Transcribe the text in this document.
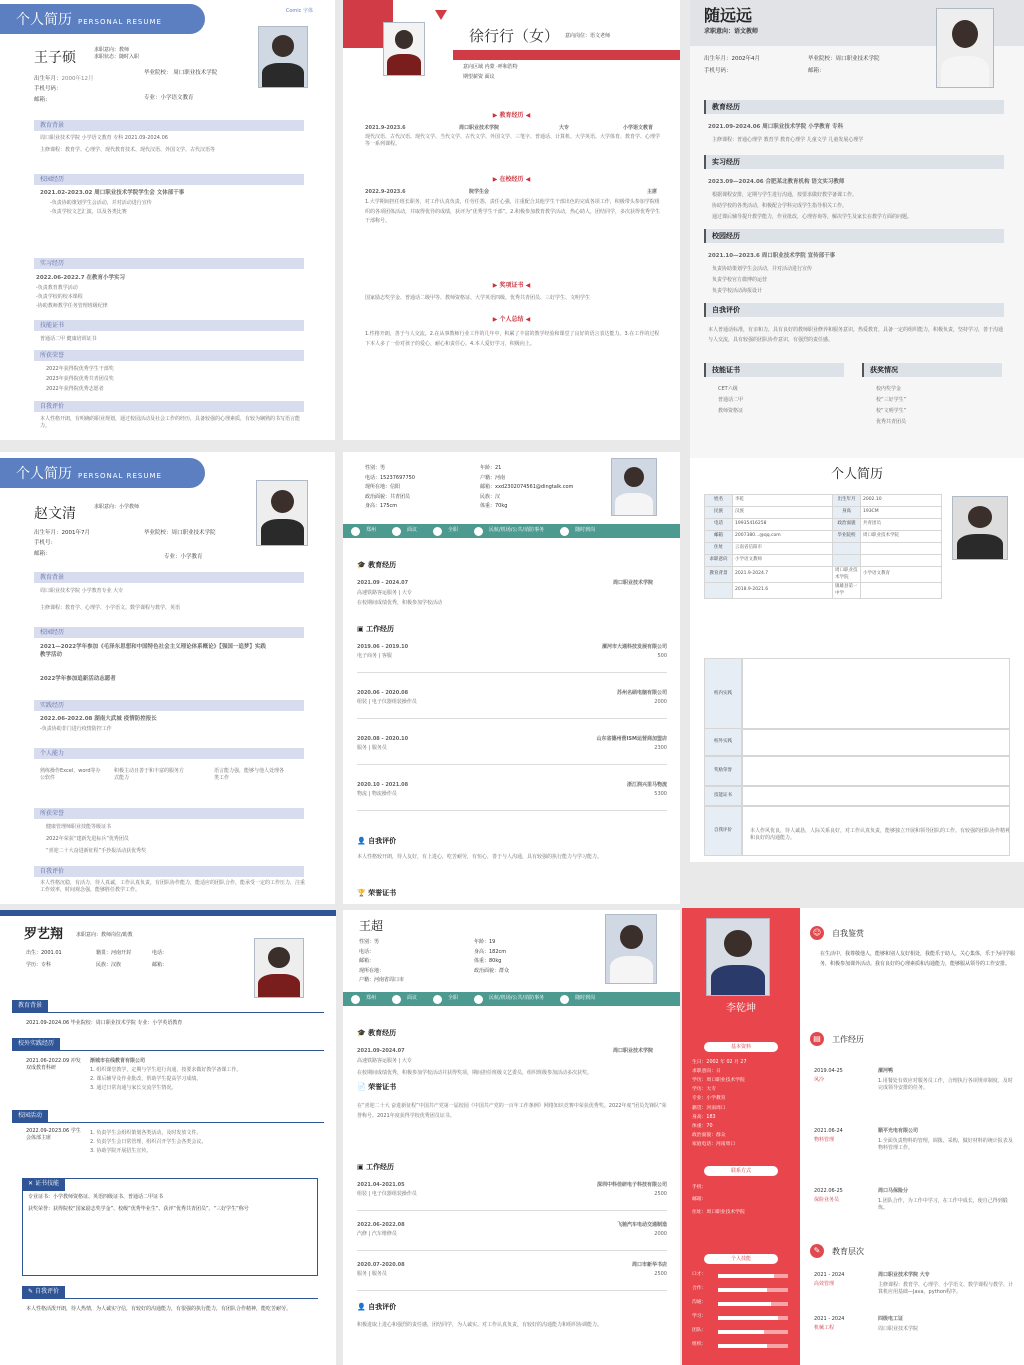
个人简历 PERSONAL RESUME
Comic 字体
王子硕	求职意向：教师
求职状态：随时入职
出生年月：2000年12月
手机号码：
邮箱：
毕业院校： 周口职业技术学院
专业：小学语文教育
教育背景
周口职业技术学院 小学语文教育 专科 2021.09-2024.06
主修课程：教育学、心理学、现代教育技术、现代汉语、外国文学、古代汉语等
校园经历
2021.02-2023.02 周口职业技术学院学生会 文体部干事
-负责协助策划学生会活动，并对活动进行宣传
-负责学校文艺汇演，以及各类比赛
实习经历
2022.06-2022.7 在教育小学实习
-负责教育教学活动
-负责学校的校本课程
-协助教师教学任务管理班级纪律
技能证书
普通话二甲 健康培训证书
所获荣誉
2022年获得院优秀学生干部奖
2023年获得院优秀共青团员奖
2022年获得院优秀志愿者
自我评价
本人性格开朗，有明确的职业规划，通过校园活动及社会工作的经历，具备较强的心理素质，有较为娴熟的书写语言能力。
徐行行（女） 意向岗位：语文老师
意向区域 内蒙 ·呼和浩特
期望薪资 面议
▶ 教育经历 ◀
2021.9-2023.6	周口职业技术学院	大专	小学语文教育
现代汉语、古代汉语、现代文学、当代文学、古代文学、外国文学、三笔字、普通话、计算机、大学英语、大学体育、教育学、心理学等一系列课程。
▶ 在校经历 ◀
2022.9-2023.6	院学生会	主席
1.大学期间担任班长职务，对工作认真负责，任劳任怨，责任心强，注重配合其他学生干部出色的完成各项工作，积极带头参加学院组织的各项团体活动，并取得优异的成绩，获评为“优秀学生干部”。2.积极参加教育教学活动，热心助人，团结同学，多次获得优秀学生干部称号。
▶ 奖项证书 ◀
国家励志奖学金、普通话二级甲等、教师资格证、大学英语四级、优秀共青团员、三好学生、文明学生
▶ 个人总结 ◀
1.性格开朗，善于与人交流。2.在从事教师行业工作的几年中，积累了丰富的教学经验和课堂了良好的语言表达能力。3.在工作的过程下本人多了一份对孩子的爱心，耐心和责任心。4.本人爱好学习，积极向上。
随远远
求职意向：语文教师
出生年月：2002年4月
手机号码：
毕业院校：周口职业技术学院
邮箱：
教育经历
2021.09-2024.06 周口职业技术学院 小学教育 专科
主修课程：普通心理学 教育学 教育心理学 儿童文学 儿童发展心理学
实习经历
2023.09—2024.06 合肥某北教育机构 语文实习教师
根据课程安排，定期与学生进行沟通，按要求做好教学备课工作。
协助学校的各类活动，积极配合学科完成学生指导相关工作。
通过课后辅导提升教学能力，作业批改，心理咨询等，解决学生及家长在教学方面的问题。
校园经历
2021.10—2023.6 周口职业技术学院 宣传部干事
负责协助策划学生会活动，并对活动进行宣传
负责学校官方微博的运营
负责学校活动海报设计
自我评价
本人普通话标准，有亲和力，具有良好的教师职业修养和服务意识，热爱教育，具备一定的组织能力，积极负责，坚持学习，善于沟通与人交流，具有较强的团队协作意识，有强烈的责任感。
技能证书	获奖情况
CET六级
普通话二甲
教师资格证
校内奖学金
校“三好学生”
校“文明学生”
优秀共青团员
个人简历 PERSONAL RESUME
赵文清	求职意向：小学教师
出生年月：2001年7月
手机号：
邮箱：
毕业院校：周口职业技术学院
专业：小学教育
教育背景
周口职业技术学院 小学教育专业 大专
主修课程：教育学、心理学、小学语文、数学课程与教学、英语
校园经历
2021—2022学年参加《毛泽东思想和中国特色社会主义理论体系概论》【强国一追梦】实践教学活动
2022学年参加追新活动志愿者
实践经历
2022.06-2022.08 湖南大武城 疫情防控报长
-负责协助非门进行疫情防控工作
个人能力
熟练操作Excel，word等办公软件
积极主动且善于和丰富的服务方式能力
语言能力强，能够与他人处理各类工作
所获荣誉
健康管理师职业技能等级证书
2022年荣获“建新先进标兵”优秀团员
“喜迎二十大奋进新征程”手抄报活动获优秀奖
自我评价
本人性格沉稳，有活力，待人真诚，工作认真负责，有团队协作能力，能适应的团队合作，能承受一定的工作压力，注重工作效率，时间观念强，能够胜任教学工作。
性别：男	年龄：21
电话：15237697750	户籍：河南
现所在地：信阳	邮箱：xxd2302074561@dingtalk.com
政治面貌：共青团员	民族：汉
身高：175cm	体重：70kg
郑州	面议	全职	民航/机场/公共/消防事务	随时到岗
🎓 教育经历
2021.09 - 2024.07	周口职业技术学院
高速铁路客运服务 | 大专
在校期间成绩优秀，积极参加学校活动
▣ 工作经历
👤 自我评价
本人性格较开朗，待人友好，有上进心，吃苦耐劳，有恒心，善于与人沟通，具有较强的执行能力与学习能力。
🏆 荣誉证书
2019.06 - 2019.10	漯河市大通科技发展有限公司
电子商务 | 客服	500
2020.06 - 2020.08	苏州名硕电脑有限公司
组装 | 电子仪器组装操作员	2000
2020.08 - 2020.10	山东省德州营ISM运营商加盟店
服务 | 服务员	2300
2020.10 - 2021.08	浙江润兴里马物流
物流 | 物流操作员	5300
个人简历
姓名	李乾	出生年月	2002.10
民族	汉族	身高	193CM
电话	19935416258	政治面貌	共青团员
邮箱	2007380...@qq.com	毕业院校	周口职业技术学院
住址	云南省信阳市		
求职意向	小学语文教师		
教育背景	2021.9-2024.7	周口职业技术学院	小学语文教育
	2018.9-2021.6	镇雄县第一中学	
本人作风优良，待人诚恳，人际关系良好，对工作认真负责，能够独立开展和领导团队的工作。有较强的团队协作精神和良好的沟通能力。
校内实践
校外实践
奖励荣誉
技能证书
自我评价
罗艺翔	求职意向：教师岗位/助教
出生：2001.01
学历：专科
籍贯：河南开封
民族：汉族
电话：
邮箱：
教育背景
2021.09-2024.06 毕业院校：周口职业技术学院 专业：小学英语教育
校外实践经历
2021.06-2022.09 冲发双成教育科研
渐城市在线教育有限公司
1. 组织课堂教学，定期与学生进行沟通，按要求做好教学备课工作。
2. 课后辅导及作业批改，帮助学生提高学习成绩。
3. 通过日常沟通与家长交流学生情况。
校园活动
2022.09-2023.06 学生会体部主席
1. 负责学生会组织策划各类活动，及时发放文件。
2. 负责学生会日常管理，组织召开学生会各类会议。
3. 协助学院开展招生宣传。
✕ 证书技能
专业证书：小学教师资格证、英语四级证书、普通话二甲证书
获奖荣誉：获得院校“国家励志奖学金”、校级“优秀毕业生”、获评“优秀共青团员”、“三好学生”称号
✎ 自我评价
本人性格活泼开朗，待人热情，为人诚实守信，有较好的沟通能力，有很强的执行能力，有团队合作精神，能吃苦耐劳。
王超
性别：男	年龄：19
电话：	身高：182cm
邮箱：	体重：80kg
现所在地：	政治面貌：群众
户籍：河南省周口市
郑州	面议	全职	民航/机场/公共/消防事务	随时到岗
🎓 教育经历
2021.09-2024.07	周口职业技术学院
高速铁路客运服务 | 大专
在校期间成绩优秀，积极参加学校活动并获得奖项，期间担任班级文艺委员，组织班级参加活动多次获奖。
📄 荣誉证书
在“喜迎二十大 奋进新征程”中国共产党第一届校园《中国共产党的一百年工作条例》网络知识竞赛中荣获优秀奖。2022年度“团员先锋队”荣誉称号。2021年度获得学校优秀团员证书。
▣ 工作经历
👤 自我评价
积极进取上进心和强烈的责任感，团结同学，为人诚实。对工作认真负责，有较好的沟通能力和组织协调能力。
2021.04-2021.05	深圳中科佳研电子科技有限公司
组装 | 电子仪器组装操作员	2500
2022.06-2022.08	飞驰汽车电动交通制造
汽修 | 汽车维修员	2000
2020.07-2020.08	周口市新华书店
服务 | 服务员	2500
李乾坤
基本资料
生日：2002 年 02 月 27
求职意向：日
学历：周口职业技术学院
学历：大专
专业：小学教育
籍贯：河南周口
身高：183
体重：70
政治面貌：群众
家庭电话：河南周口
联系方式
手机：
邮箱：
住址：周口职业技术学院
个人技能
☺	自我鉴赏
在生活中，我尊敬他人，能够和别人友好相处，我能乐于助人，关心集体，乐于为同学服务，积极参加课外活动。我有良好的心理素质和沟通能力，能够服从领导的工作安排。
▤	工作经历
✎	教育层次
口才：
合作：
沟通：
学习：
团队：
组织：
2019.04-25
风冷
漯河鸭
1.用餐处有效应对服务员工作，合理执行各项规章制度，及时完成领导安排的任务。
2021.06-24
物料管理
顺平光电有限公司
1.全面负责物料的管理，调拨、采购，做好材料的统计报表及物料管理工作。
2022.06-25
保险业务员
周口马保险分
1.团队合作，为工作中学习，在工作中成长，使自己得到锻炼。
2021 - 2024
高效管理
周口职业技术学院 大专
主修课程：教育学、心理学、小学语文、数学课程与教学、计算机应用基础—Java，python程序。
2021 - 2024
机械工程
四级电工证
周口职业技术学院
